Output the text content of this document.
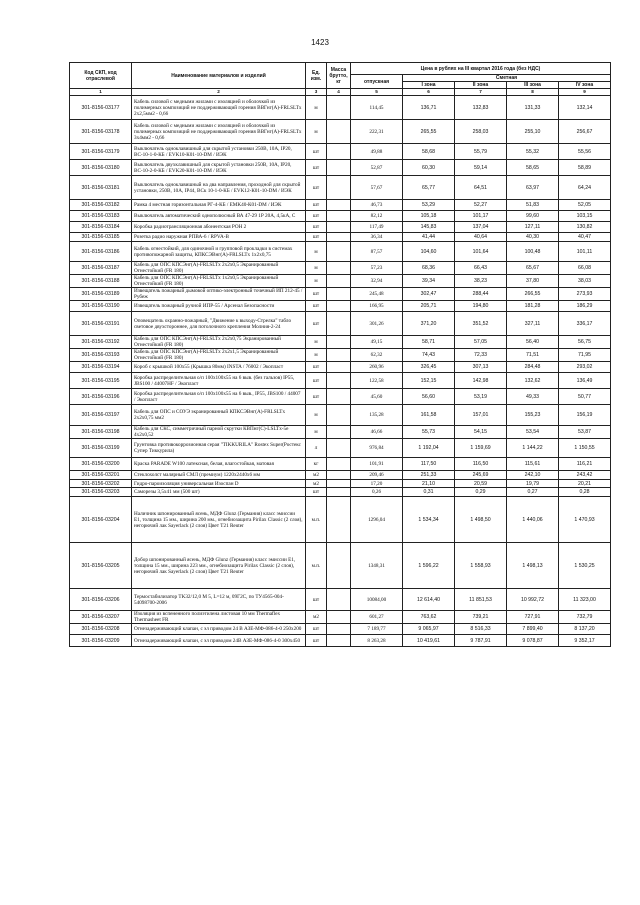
1423
Код СКП, код отраслевой	Наименование материалов и изделий	Ед. изм.	Масса брутто, кг	Цена в рублях на III квартал 2016 года (без НДС)				
				отпускная	Сметная			
					I зона	II зона	III зона	IV зона
1	2	3	4	5	6	7	8	9
301-8156-03177	Кабель силовой с медными жилами с изоляцией и оболочкой из полимерных композиций не поддерживающий горения ВВГнг(А)-FRLSLTx 2х2,5мм2 - 0,66	м		114,45	136,71	132,83	131,33	132,14
301-8156-03178	Кабель силовой с медными жилами с изоляцией и оболочкой из полимерных композиций не поддерживающий горения ВВГнг(А)-FRLSLTx 3х4мм2 - 0,66	м		222,31	265,55	258,03	255,10	256,67
301-8156-03179	Выключатель одноклавишный для скрытой установки 250В, 10А, IP20, ВС-10-1-0-КБ / EVK10-К01-10-DM / ИЭК	шт		49,88	58,68	55,79	55,32	55,56
301-8156-03180	Выключатель двухклавишный для скрытой установки 250В, 10А, IP20, ВС-10-2-0-КБ / EVK20-К01-10-DM / ИЭК	шт		52,87	60,30	59,14	58,65	58,89
301-8156-03181	Выключатель одноклавишный на два направления, проходной для скрытой установки, 250В, 10А, IP44, ВСк 10-1-0-КБ / EVK12-К01-10-DM / ИЭК	шт		57,67	65,77	64,51	63,97	64,24
301-8156-03182	Рамка 4 местная горизонтальная РГ-4-КБ / EMK40-К01-DM / ИЭК	шт		46,73	53,29	52,27	51,83	52,05
301-8156-03183	Выключатель автоматический однополюсный ВА 47-29 1Р 20А, 4,5кА, С	шт		82,12	105,18	101,17	99,60	103,15
301-8156-03184	Коробка радиотрансляционная абонентская РОН 2	шт		117,49	145,83	137,04	127,11	130,82
301-8156-03185	Розетка радио наружная РПВА-6 / RPVA-B	шт		36,34	41,44	40,64	40,30	40,47
301-8156-03186	Кабель огнестойкий, для одиночной и групповой прокладки в системах противопожарной защиты, КПКСЭВнг(А)-FRLSLTx 1х2х0,75	м		87,57	104,60	101,64	100,48	101,11
301-8156-03187	Кабель для ОПС КПСЭнг(А)-FRLSLTx 2х2х0,5 Экранированный Огнестойкий (FR 180)	м		57,23	68,36	66,43	65,67	66,08
301-8156-03188	Кабель для ОПС КПСЭнг(А)-FRLSLTx 1х2х0,5 Экранированный Огнестойкий (FR 180)	м		32,94	39,34	38,23	37,80	38,03
301-8156-03189	Извещатель пожарный дымовой оптико-электронный точечный ИП 212-45 / Рубеж	шт		245,48	302,47	288,44	266,55	273,93
301-8156-03190	Извещатель пожарный ручной ИПР-55 / Арсенал Безопасности	шт		166,95	205,71	194,80	181,28	186,29
301-8156-03191	Оповещатель охранно-пожарный, "Движение к выходу-Стрелка" табло световое двухстороннее, для потолочного крепления Молния-2-24	шт		301,26	371,20	351,52	327,11	336,17
301-8156-03192	Кабель для ОПС КПСЭнг(А)-FRLSLTx 2х2х0,75 Экранированный Огнестойкий (FR 180)	м		49,15	58,71	57,05	56,40	56,75
301-8156-03193	Кабель для ОПС КПСЭнг(А)-FRLSLTx 2х2х1,5 Экранированный Огнестойкий (FR 180)	м		62,32	74,43	72,33	71,51	71,95
301-8156-03194	Короб с крышкой 100х55 (Крышка 80мм) INSTA / 76002 / Экопласт	шт		260,96	326,45	307,13	284,48	293,02
301-8156-03195	Коробка распределительная о/п 100х100х55 на 6 выв. (без гальзов) IP55, JBS100 / 44007HF / Экопласт	шт		122,58	152,15	142,98	132,62	136,49
301-8156-03196	Коробка распределительная о/п 100х100х55 на 6 выв., IP55, JBS100 / 44007 / Экопласт	шт		45,60	56,60	53,19	49,33	50,77
301-8156-03197	Кабель для ОПС и СОУЭ экранированный КПКСЭВнг(А)-FRLSLTx 2х2х0,75 мм2	м		135,28	161,58	157,01	155,23	156,19
301-8156-03198	Кабель для СКС, симметричный парной скрутки КВПнг(С)-LSLTx-5е 4х2х0,52	м		46,66	55,73	54,15	53,54	53,87
301-8156-03199	Грунтовка противокоррозионная серая "TIKKURILA" Rostex Super(Ростекс Супер Тиккурила)	л		976,84	1 192,04	1 159,69	1 144,22	1 150,55
301-8156-03200	Краска PARADE W100 латексная, белая, влагостойкая, матовая	кг		101,91	117,50	116,50	115,61	116,21
301-8156-03201	Стеклохолст малярный СМЛ (премиум) 1220х2440х6 мм	м2		209,46	251,33	245,69	242,10	243,42
301-8156-03202	Гидро-пароизоляция универсальная Изоспан D	м2		17,20	21,10	20,59	19,79	20,21
301-8156-03203	Саморезы 3,5х41 мм (500 шт)	шт		0,26	0,31	0,29	0,27	0,28
301-8156-03204	Наличник шпонированный ясень, МДФ Glunz (Германия) класс эмиссии Е1, толщина 15 мм., ширина 200 мм., огнебиозащита Pirilax Classic (2 слоя), негорючий лак Sayerlack (2 слоя) Цвет T21 Reuter	м.п.		1296,04	1 534,34	1 498,50	1 440,06	1 470,93
301-8156-03205	Добор шпонированный ясень, МДФ Glunz (Германия) класс эмиссии Е1, толщина 15 мм., ширина 223 мм., огнебиозащита Pirilax Classic (2 слоя), негорючий лак Sayerlack (2 слоя) Цвет T21 Reuter	м.п.		1348,31	1 596,22	1 558,93	1 498,13	1 530,25
301-8156-03206	Термостабилизатор TK32/12,0 M 5, L=12 м, 09Г2С, по ТУ4565-004-54098700-2006	шт		10084,00	12 614,40	11 851,53	10 992,72	11 323,00
301-8156-03207	Изоляция из вспененного полиэтилена листовая 10 мм Thermaflex Thermasheet FR	м2		601,27	763,62	739,21	727,91	732,79
301-8156-03208	Огнезадерживающий клапан, с эл приводом 24 В АЗЕ-МФ-086-4-0 250х200	шт		7 189,77	9 065,97	8 516,33	7 899,40	8 137,20
301-8156-03209	Огнезадерживающий клапан, с эл приводом 24В АЗЕ-МФ-086-4-0 300х450	шт		8 263,28	10 419,61	9 787,91	9 078,87	9 352,17
